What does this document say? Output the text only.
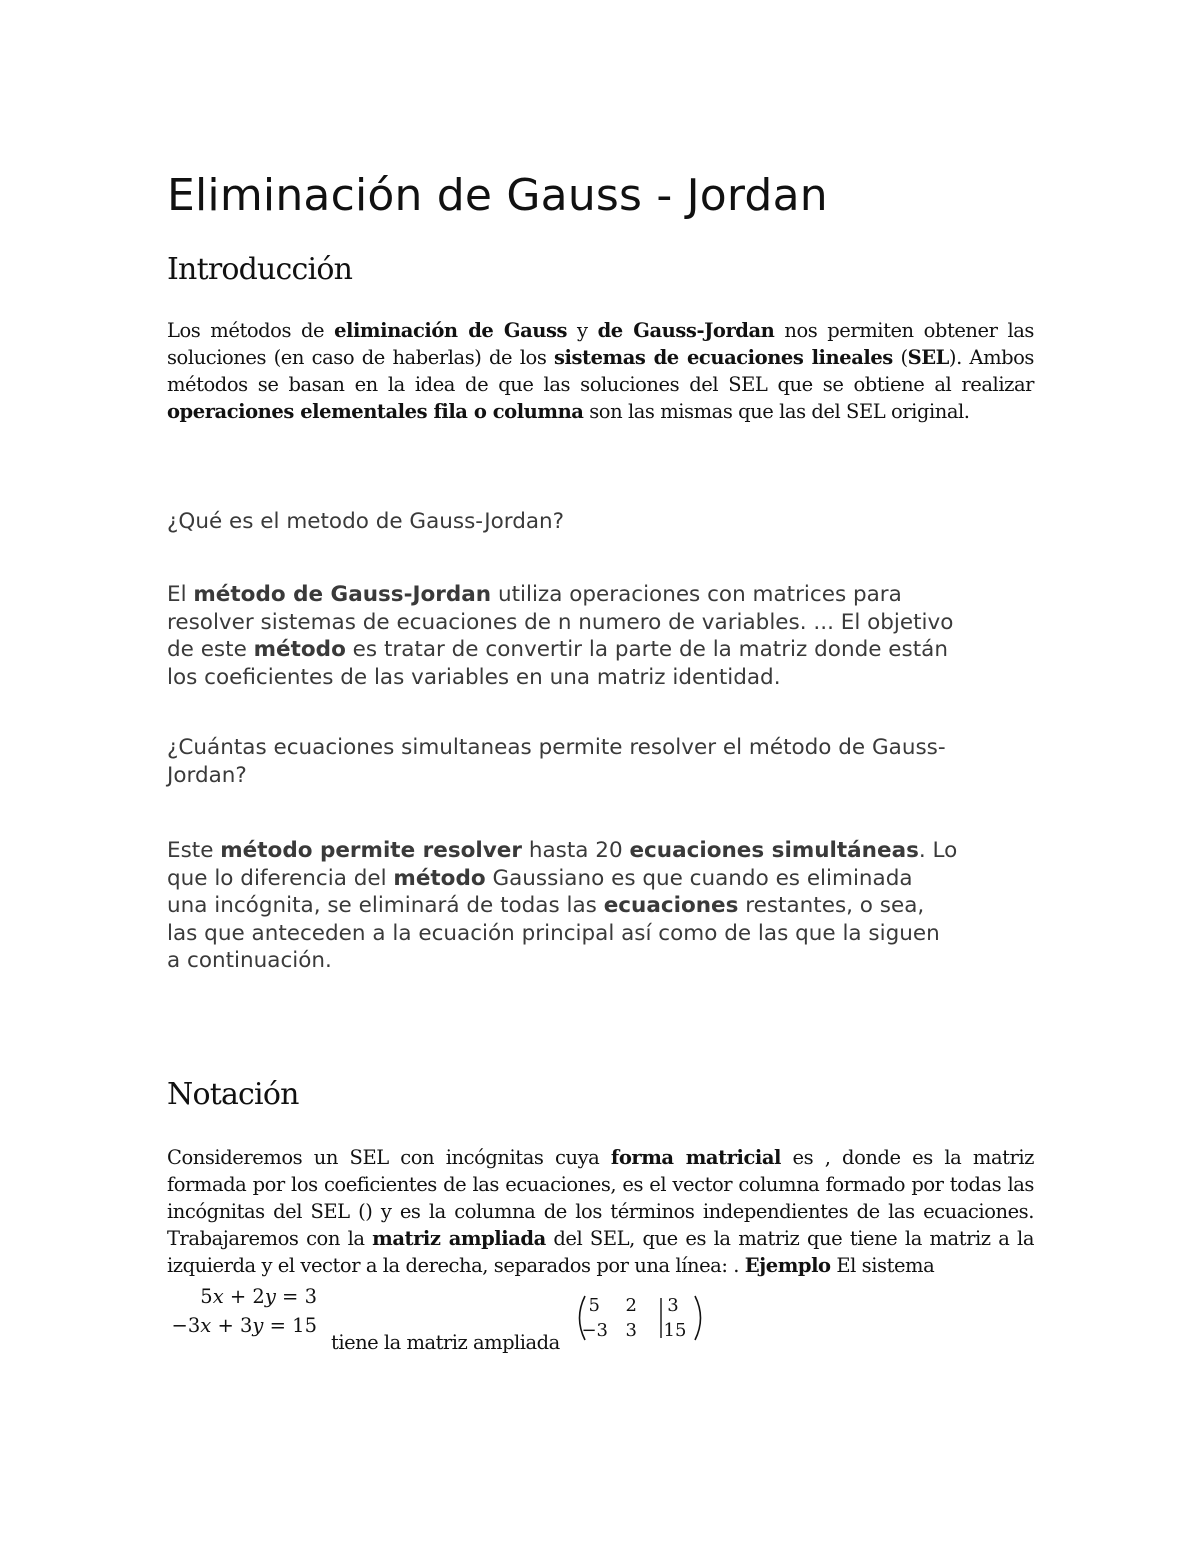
Eliminación de Gauss - Jordan
Introducción

Los métodos de eliminación de Gauss y de Gauss-Jordan nos permiten obtener las soluciones (en caso de haberlas) de los sistemas de ecuaciones lineales (SEL). Ambos métodos se basan en la idea de que las soluciones del SEL que se obtiene al realizar operaciones elementales fila o columna son las mismas que las del SEL original.

¿Qué es el metodo de Gauss-Jordan?
El método de Gauss-Jordan utiliza operaciones con matrices para
resolver sistemas de ecuaciones de n numero de variables. ... El objetivo
de este método es tratar de convertir la parte de la matriz donde están
los coeficientes de las variables en una matriz identidad.
¿Cuántas ecuaciones simultaneas permite resolver el método de Gauss-
Jordan?
Este método permite resolver hasta 20 ecuaciones simultáneas. Lo
que lo diferencia del método Gaussiano es que cuando es eliminada
una incógnita, se eliminará de todas las ecuaciones restantes, o sea,
las que anteceden a la ecuación principal así como de las que la siguen
a continuación.
Notación

Consideremos un SEL con incógnitas cuya forma matricial es , donde es la matriz formada por los coeficientes de las ecuaciones, es el vector columna formado por todas las incógnitas del SEL () y es la columna de los términos independientes de las ecuaciones. Trabajaremos con la matriz ampliada del SEL, que es la matriz que tiene la matriz a la izquierda y el vector a la derecha, separados por una línea: . Ejemplo El sistema

5𝑥 + 2𝑦 = 3
−3𝑥 + 3𝑦 = 15
tiene la matriz ampliada
5	2 3
−3 3 15
